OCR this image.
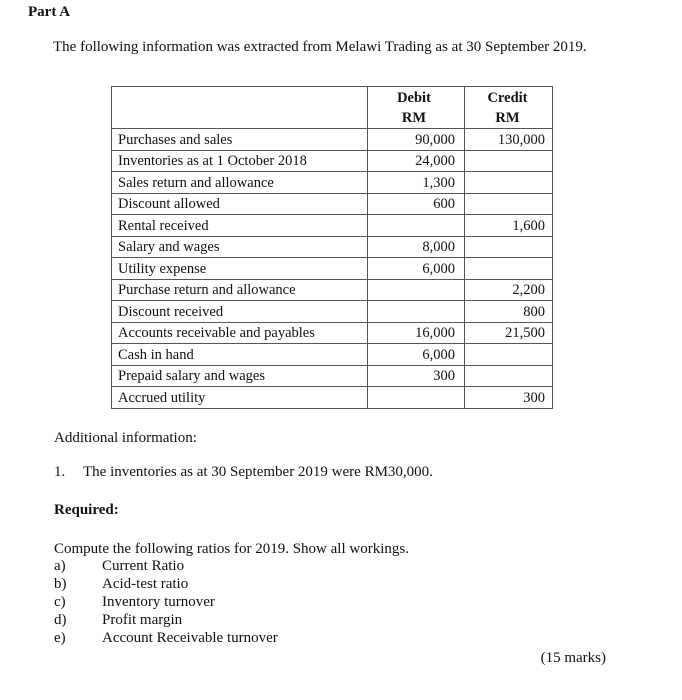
Part A
The following information was extracted from Melawi Trading as at 30 September 2019.
	Debit	Credit
	RM	RM
Purchases and sales	90,000	130,000
Inventories as at 1 October 2018	24,000	
Sales return and allowance	1,300	
Discount allowed	600	
Rental received		1,600
Salary and wages	8,000	
Utility expense	6,000	
Purchase return and allowance		2,200
Discount received		800
Accounts receivable and payables	16,000	21,500
Cash in hand	6,000	
Prepaid salary and wages	300	
Accrued utility		300
Additional information:
1. The inventories as at 30 September 2019 were RM30,000.
Required:
Compute the following ratios for 2019. Show all workings.
a) Current Ratio
b) Acid-test ratio
c) Inventory turnover
d) Profit margin
e) Account Receivable turnover
(15 marks)
